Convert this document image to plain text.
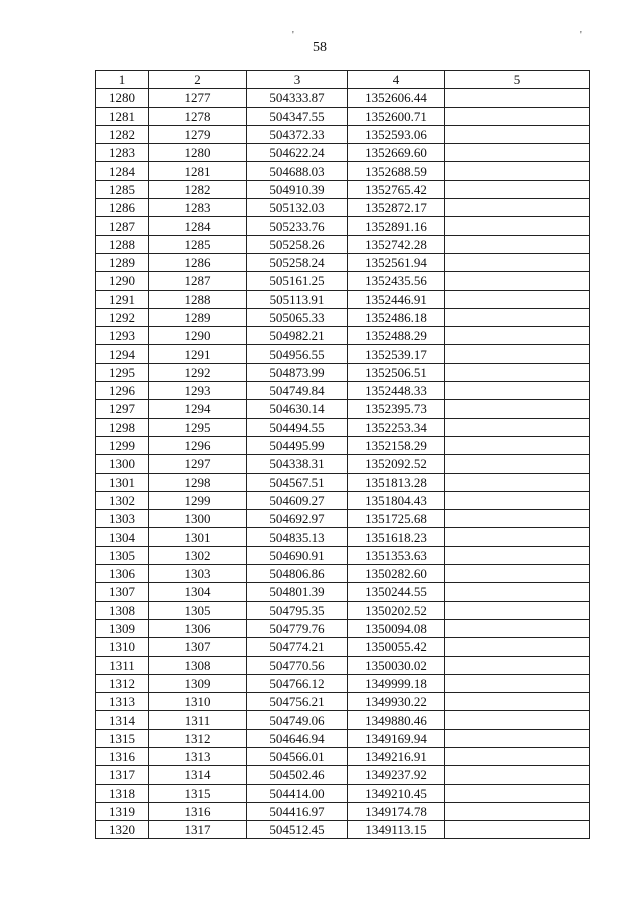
'	'
58
1	2	3	4	5
1280	1277	504333.87	1352606.44	
1281	1278	504347.55	1352600.71	
1282	1279	504372.33	1352593.06	
1283	1280	504622.24	1352669.60	
1284	1281	504688.03	1352688.59	
1285	1282	504910.39	1352765.42	
1286	1283	505132.03	1352872.17	
1287	1284	505233.76	1352891.16	
1288	1285	505258.26	1352742.28	
1289	1286	505258.24	1352561.94	
1290	1287	505161.25	1352435.56	
1291	1288	505113.91	1352446.91	
1292	1289	505065.33	1352486.18	
1293	1290	504982.21	1352488.29	
1294	1291	504956.55	1352539.17	
1295	1292	504873.99	1352506.51	
1296	1293	504749.84	1352448.33	
1297	1294	504630.14	1352395.73	
1298	1295	504494.55	1352253.34	
1299	1296	504495.99	1352158.29	
1300	1297	504338.31	1352092.52	
1301	1298	504567.51	1351813.28	
1302	1299	504609.27	1351804.43	
1303	1300	504692.97	1351725.68	
1304	1301	504835.13	1351618.23	
1305	1302	504690.91	1351353.63	
1306	1303	504806.86	1350282.60	
1307	1304	504801.39	1350244.55	
1308	1305	504795.35	1350202.52	
1309	1306	504779.76	1350094.08	
1310	1307	504774.21	1350055.42	
1311	1308	504770.56	1350030.02	
1312	1309	504766.12	1349999.18	
1313	1310	504756.21	1349930.22	
1314	1311	504749.06	1349880.46	
1315	1312	504646.94	1349169.94	
1316	1313	504566.01	1349216.91	
1317	1314	504502.46	1349237.92	
1318	1315	504414.00	1349210.45	
1319	1316	504416.97	1349174.78	
1320	1317	504512.45	1349113.15	
